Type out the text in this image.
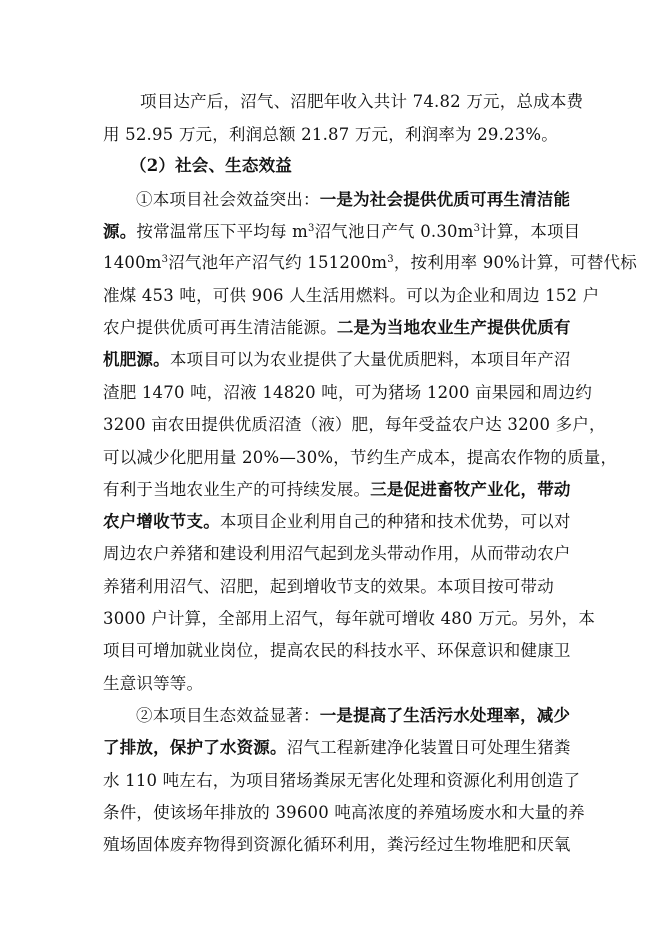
项目达产后，沼气、沼肥年收入共计 74.82 万元，总成本费
用 52.95 万元，利润总额 21.87 万元，利润率为 29.23%。
（2）社会、生态效益
①本项目社会效益突出：一是为社会提供优质可再生清洁能
源。按常温常压下平均每 $m^3$沼气池日产气 $0.30m^3$计算，本项目
$1400m^3$沼气池年产沼气约 $151200m^3$，按利用率 90%计算，可替代标
准煤 453 吨，可供 906 人生活用燃料。可以为企业和周边 152 户
农户提供优质可再生清洁能源。二是为当地农业生产提供优质有
机肥源。本项目可以为农业提供了大量优质肥料，本项目年产沼
渣肥 1470 吨，沼液 14820 吨，可为猪场 1200 亩果园和周边约
3200 亩农田提供优质沼渣（液）肥，每年受益农户达 3200 多户，
可以减少化肥用量 20%—30%，节约生产成本，提高农作物的质量，
有利于当地农业生产的可持续发展。三是促进畜牧产业化，带动
农户增收节支。本项目企业利用自己的种猪和技术优势，可以对
周边农户养猪和建设利用沼气起到龙头带动作用，从而带动农户
养猪利用沼气、沼肥，起到增收节支的效果。本项目按可带动
3000 户计算，全部用上沼气，每年就可增收 480 万元。另外，本
项目可增加就业岗位，提高农民的科技水平、环保意识和健康卫
生意识等等。
②本项目生态效益显著：一是提高了生活污水处理率，减少
了排放，保护了水资源。沼气工程新建净化装置日可处理生猪粪
水 110 吨左右，为项目猪场粪尿无害化处理和资源化利用创造了
条件，使该场年排放的 39600 吨高浓度的养殖场废水和大量的养
殖场固体废弃物得到资源化循环利用，粪污经过生物堆肥和厌氧
